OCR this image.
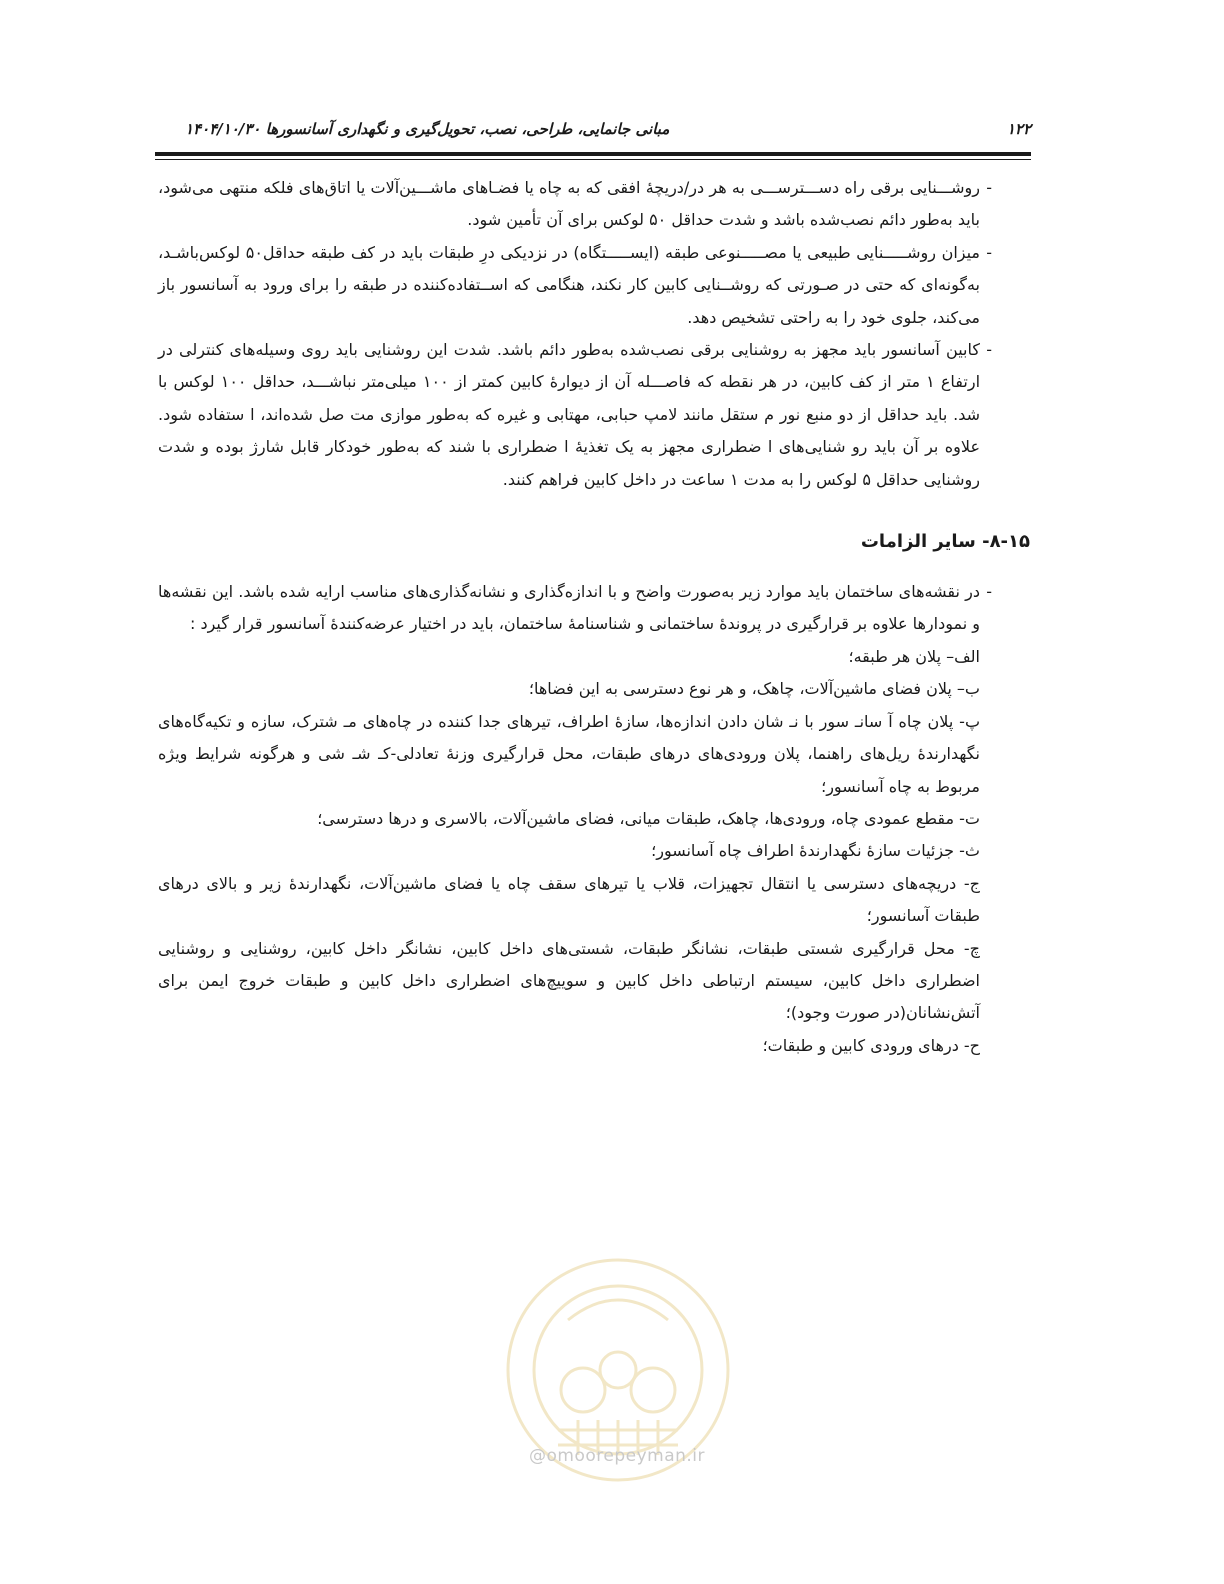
۱۲۲
مبانی جانمایی، طراحی، نصب، تحویل‌گیری و نگهداری آسانسورها ۱۴۰۴/۱۰/۳۰
-
روشـــنایی برقی راه دســـترســـی به هر در/دریچهٔ افقی که به چاه یا فضـاهای ماشـــین‌آلات یا اتاق‌های فلکه منتهی می‌شود، باید به‌طور دائم نصب‌شده باشد و شدت حداقل ۵۰ لوکس برای آن تأمین شود.
-
میزان روشـــــنایی طبیعی یا مصـــــنوعی طبقه (ایســـــتگاه) در نزدیکی درِ طبقات باید در کف طبقه حداقل۵۰ لوکس‌باشـد، به‌گونه‌ای که حتی در صـورتی که روشــنایی کابین کار نکند، هنگامی که اســتفاده‌کننده در طبقه را برای ورود به آسانسور باز می‌کند، جلوی خود را به راحتی تشخیص دهد.
-
کابین آسانسور باید مجهز به روشنایی برقی نصب‌شده به‌طور دائم باشد. شدت این روشنایی باید روی وسیله‌های کنترلی در ارتفاع ۱ متر از کف کابین، در هر نقطه که فاصـــله آن از دیوارهٔ کابین کمتر از ۱۰۰ میلی‌متر نباشـــد، حداقل ۱۰۰ لوکس با شد. باید حداقل از دو منبع نور م ستقل مانند لامپ حبابی، مهتابی و غیره که به‌طور موازی مت صل شده‌اند، ا ستفاده شود. علاوه بر آن باید رو شنایی‌های ا ضطراری مجهز به یک تغذیهٔ ا ضطراری با شند که به‌طور خودکار قابل شارژ بوده و شدت روشنایی حداقل ۵ لوکس را به مدت ۱ ساعت در داخل کابین فراهم کنند.
۸-۱۵- سایر الزامات
-
در نقشه‌های ساختمان باید موارد زیر به‌صورت واضح و با اندازه‌گذاری و نشانه‌گذاری‌های مناسب ارایه شده باشد. این نقشه‌ها و نمودارها علاوه بر قرارگیری در پروندهٔ ساختمانی و شناسنامهٔ ساختمان، باید در اختیار عرضه‌کنندهٔ آسانسور قرار گیرد :
الف– پلان هر طبقه؛
ب– پلان فضای ماشین‌آلات، چاهک، و هر نوع دسترسی به این فضاها؛
پ- پلان چاه آ سانـ سور با نـ شان دادن اندازه‌ها، سازهٔ اطراف، تیرهای جدا کننده در چاه‌های مـ شترک، سازه و تکیه‌گاه‌های نگهدارندهٔ ریل‌های راهنما، پلان ورودی‌های درهای طبقات، محل قرارگیری وزنهٔ تعادلی-کـ شـ شی و هرگونه شرایط ویژه مربوط به چاه آسانسور؛
ت- مقطع عمودی چاه، ورودی‌ها، چاهک، طبقات میانی، فضای ماشین‌آلات، بالاسری و درها دسترسی؛
ث- جزئیات سازهٔ نگهدارندهٔ اطراف چاه آسانسور؛
ج- دریچه‌های دسترسی یا انتقال تجهیزات، قلاب یا تیرهای سقف چاه یا فضای ماشین‌آلات، نگهدارندهٔ زیر و بالای درهای طبقات آسانسور؛
چ- محل قرارگیری شستی طبقات، نشانگر طبقات، شستی‌های داخل کابین، نشانگر داخل کابین، روشنایی و روشنایی اضطراری داخل کابین، سیستم ارتباطی داخل کابین و سوییچ‌های اضطراری داخل کابین و طبقات خروج ایمن برای آتش‌نشانان(در صورت وجود)؛
ح- درهای ورودی کابین و طبقات؛
@omoorepeyman.ir
